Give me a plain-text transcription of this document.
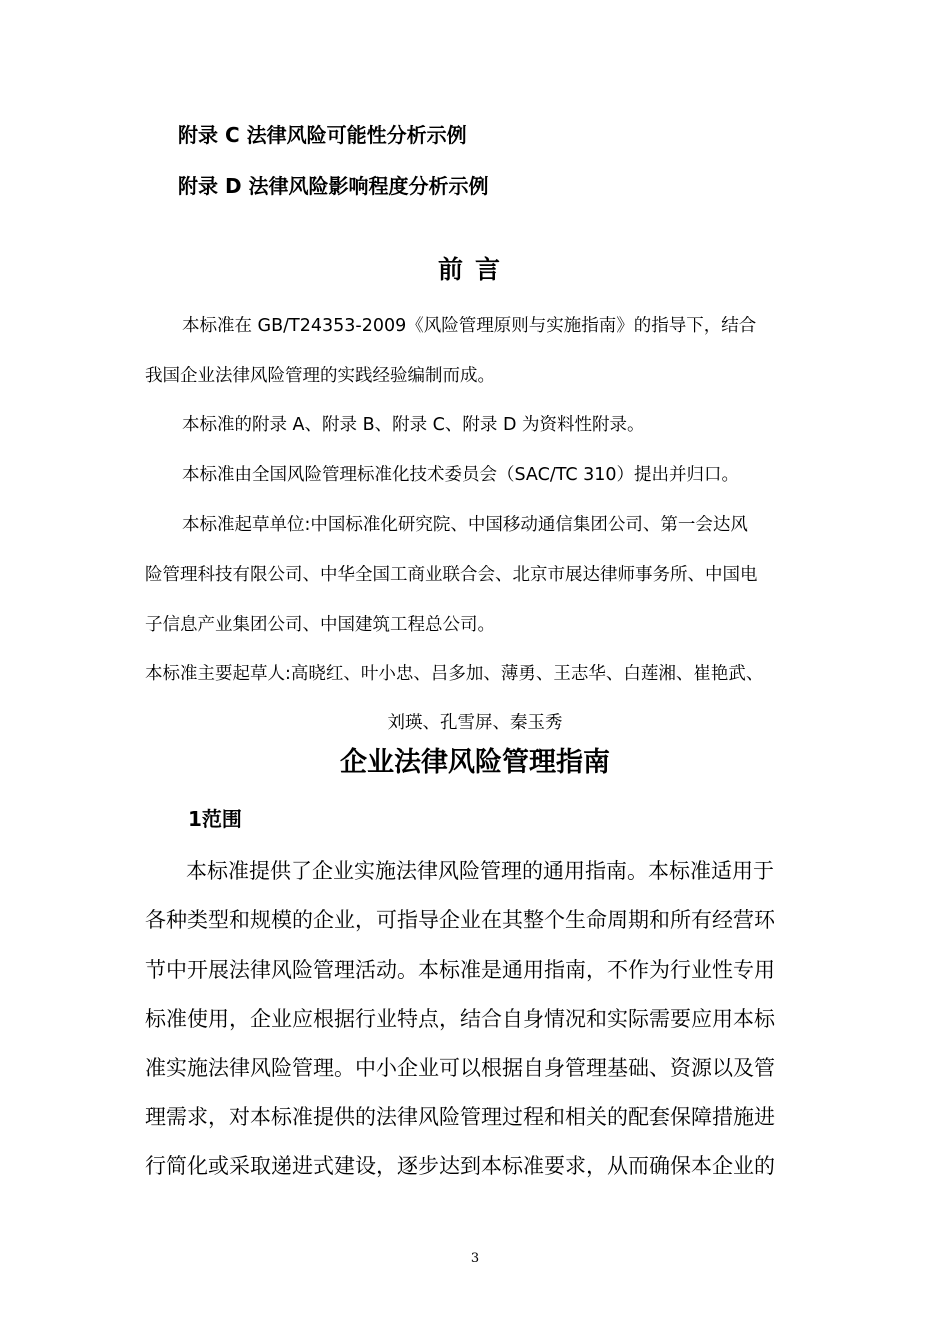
附录 C 法律风险可能性分析示例
附录 D 法律风险影响程度分析示例
前言
本标准在 GB/T24353-2009《风险管理原则与实施指南》的指导下，结合
我国企业法律风险管理的实践经验编制而成。
本标准的附录 A、附录 B、附录 C、附录 D 为资料性附录。
本标准由全国风险管理标准化技术委员会（SAC/TC 310）提出并归口。
本标准起草单位:中国标准化研究院、中国移动通信集团公司、第一会达风
险管理科技有限公司、中华全国工商业联合会、北京市展达律师事务所、中国电
子信息产业集团公司、中国建筑工程总公司。
本标准主要起草人:高晓红、叶小忠、吕多加、薄勇、王志华、白莲湘、崔艳武、
刘瑛、孔雪屏、秦玉秀
企业法律风险管理指南
1范围
本标准提供了企业实施法律风险管理的通用指南。本标准适用于
各种类型和规模的企业，可指导企业在其整个生命周期和所有经营环
节中开展法律风险管理活动。本标准是通用指南，不作为行业性专用
标准使用，企业应根据行业特点，结合自身情况和实际需要应用本标
准实施法律风险管理。中小企业可以根据自身管理基础、资源以及管
理需求，对本标准提供的法律风险管理过程和相关的配套保障措施进
行简化或采取递进式建设，逐步达到本标准要求，从而确保本企业的
3
